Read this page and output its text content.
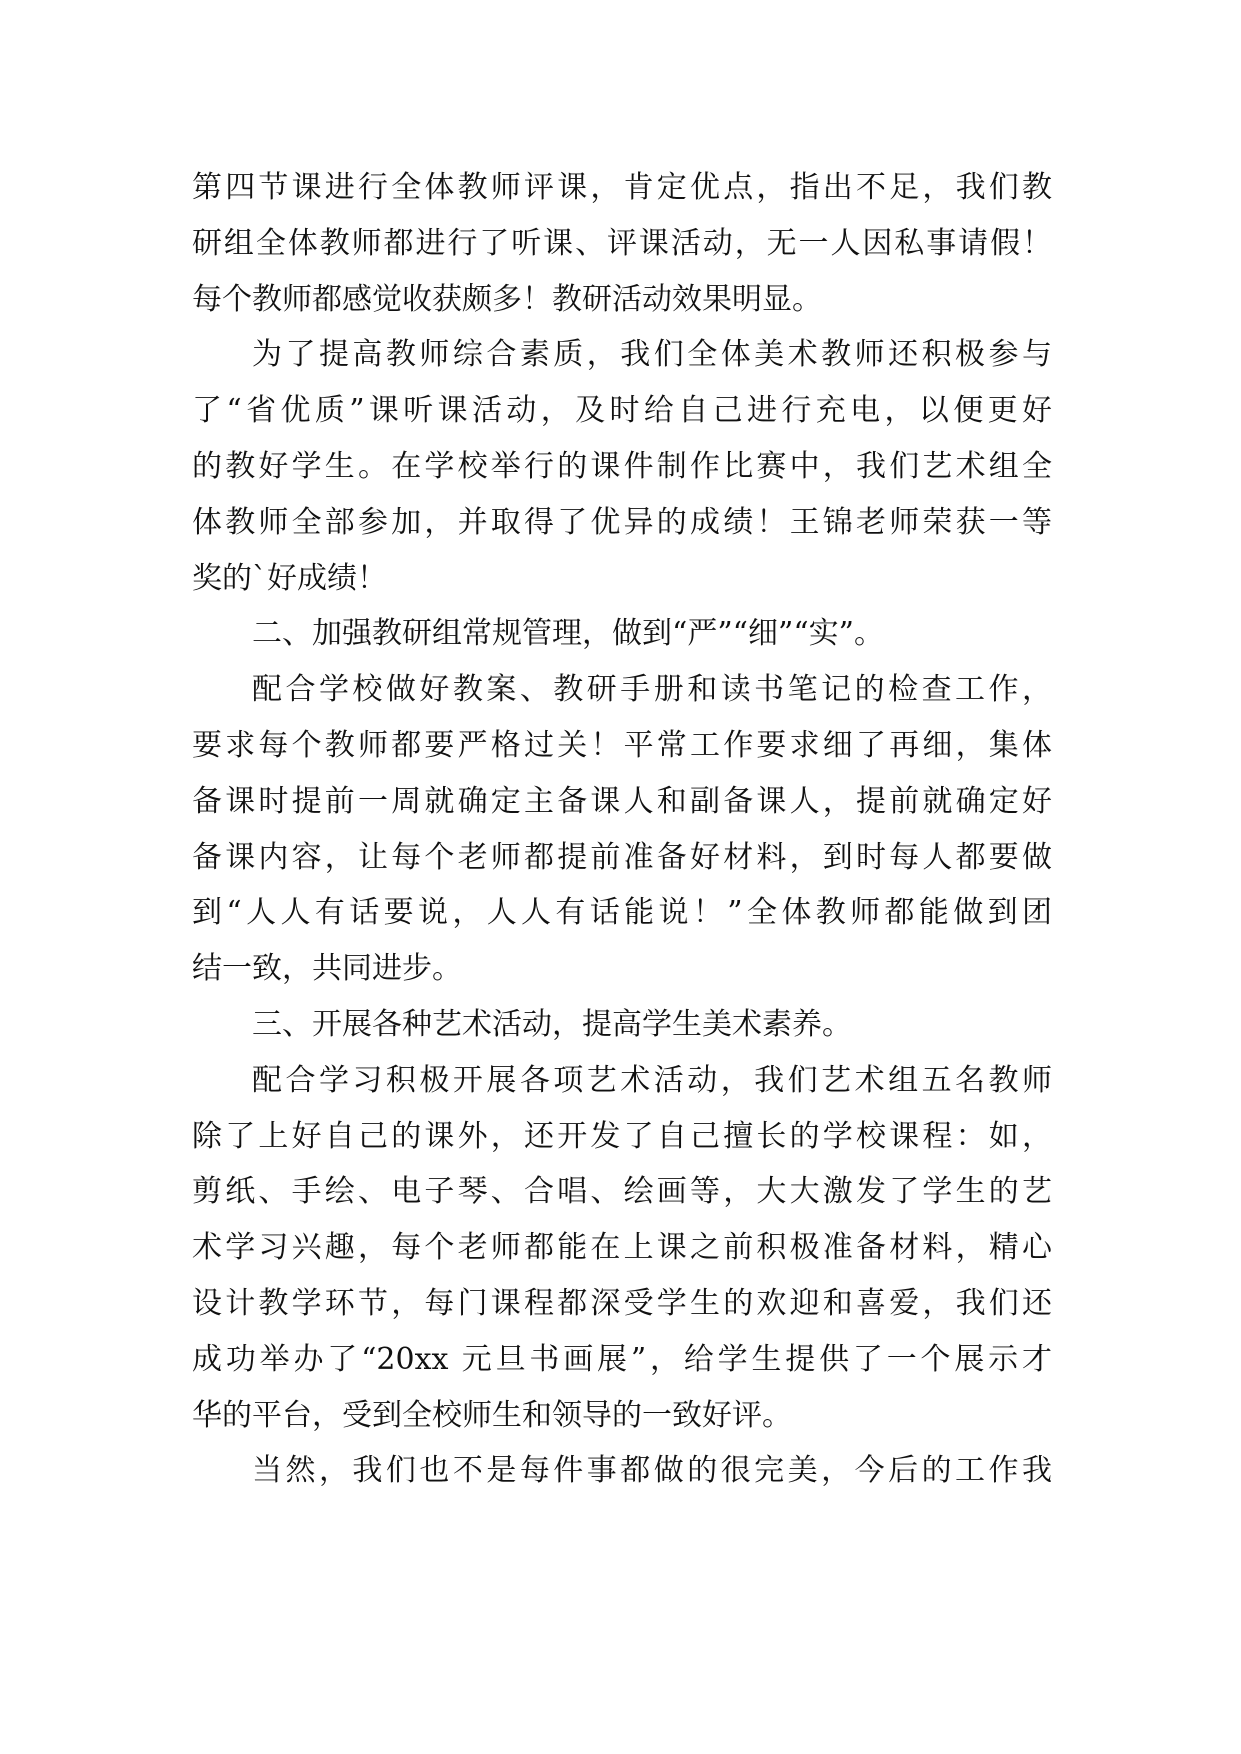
第四节课进行全体教师评课，肯定优点，指出不足，我们教
研组全体教师都进行了听课、评课活动，无一人因私事请假！
每个教师都感觉收获颇多！教研活动效果明显。
为了提高教师综合素质，我们全体美术教师还积极参与
了“省优质”课听课活动，及时给自己进行充电，以便更好
的教好学生。在学校举行的课件制作比赛中，我们艺术组全
体教师全部参加，并取得了优异的成绩！王锦老师荣获一等
奖的`好成绩！
二、加强教研组常规管理，做到“严”“细”“实”。
配合学校做好教案、教研手册和读书笔记的检查工作，
要求每个教师都要严格过关！平常工作要求细了再细，集体
备课时提前一周就确定主备课人和副备课人，提前就确定好
备课内容，让每个老师都提前准备好材料，到时每人都要做
到“人人有话要说，人人有话能说！”全体教师都能做到团
结一致，共同进步。
三、开展各种艺术活动，提高学生美术素养。
配合学习积极开展各项艺术活动，我们艺术组五名教师
除了上好自己的课外，还开发了自己擅长的学校课程：如，
剪纸、手绘、电子琴、合唱、绘画等，大大激发了学生的艺
术学习兴趣，每个老师都能在上课之前积极准备材料，精心
设计教学环节，每门课程都深受学生的欢迎和喜爱，我们还
成功举办了“20xx 元旦书画展”，给学生提供了一个展示才
华的平台，受到全校师生和领导的一致好评。
当然，我们也不是每件事都做的很完美，今后的工作我
